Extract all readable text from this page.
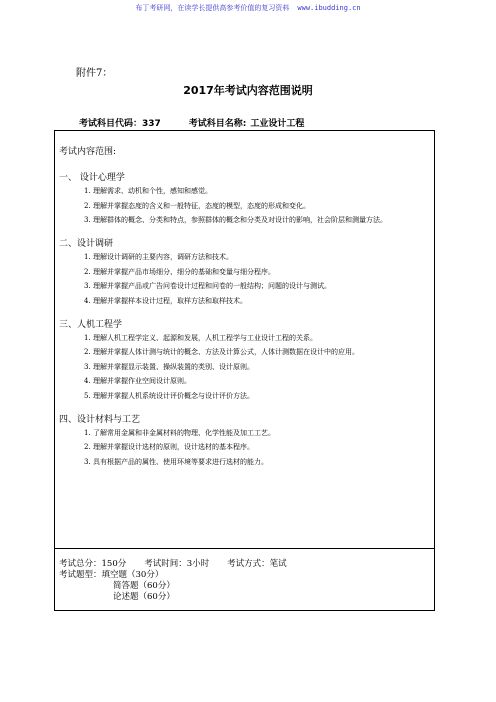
布丁考研网，在读学长提供高参考价值的复习资料 www.ibudding.cn
附件7：
2017年考试内容范围说明
考试科目代码：337	考试科目名称: 工业设计工程
考试内容范围:
一、 设计心理学
1. 理解需求、动机和个性，感知和感觉。
2. 理解并掌握态度的含义和一般特征，态度的模型，态度的形成和变化。
3. 理解群体的概念、分类和特点，参照群体的概念和分类及对设计的影响，社会阶层和测量方法。
二、设计调研
1. 理解设计调研的主要内容，调研方法和技术。
2. 理解并掌握产品市场细分、细分的基础和变量与细分程序。
3. 理解并掌握产品或广告问卷设计过程和问卷的一般结构；问题的设计与测试。
4. 理解并掌握样本设计过程，取样方法和取样技术。
三、人机工程学
1. 理解人机工程学定义、起源和发展，人机工程学与工业设计工程的关系。
2. 理解并掌握人体计测与统计的概念、方法及计算公式，人体计测数据在设计中的应用。
3. 理解并掌握显示装置、操纵装置的类别、设计原则。
4. 理解并掌握作业空间设计原则。
5. 理解并掌握人机系统设计评价概念与设计评价方法。
四、设计材料与工艺
1. 了解常用金属和非金属材料的物理、化学性能及加工工艺。
2. 理解并掌握设计选材的原则，设计选材的基本程序。
3. 具有根据产品的属性、使用环境等要求进行选材的能力。
考试总分：150分 考试时间：3小时 考试方式：笔试
考试题型：填空题（30分）
简答题（60分）
论述题（60分）
